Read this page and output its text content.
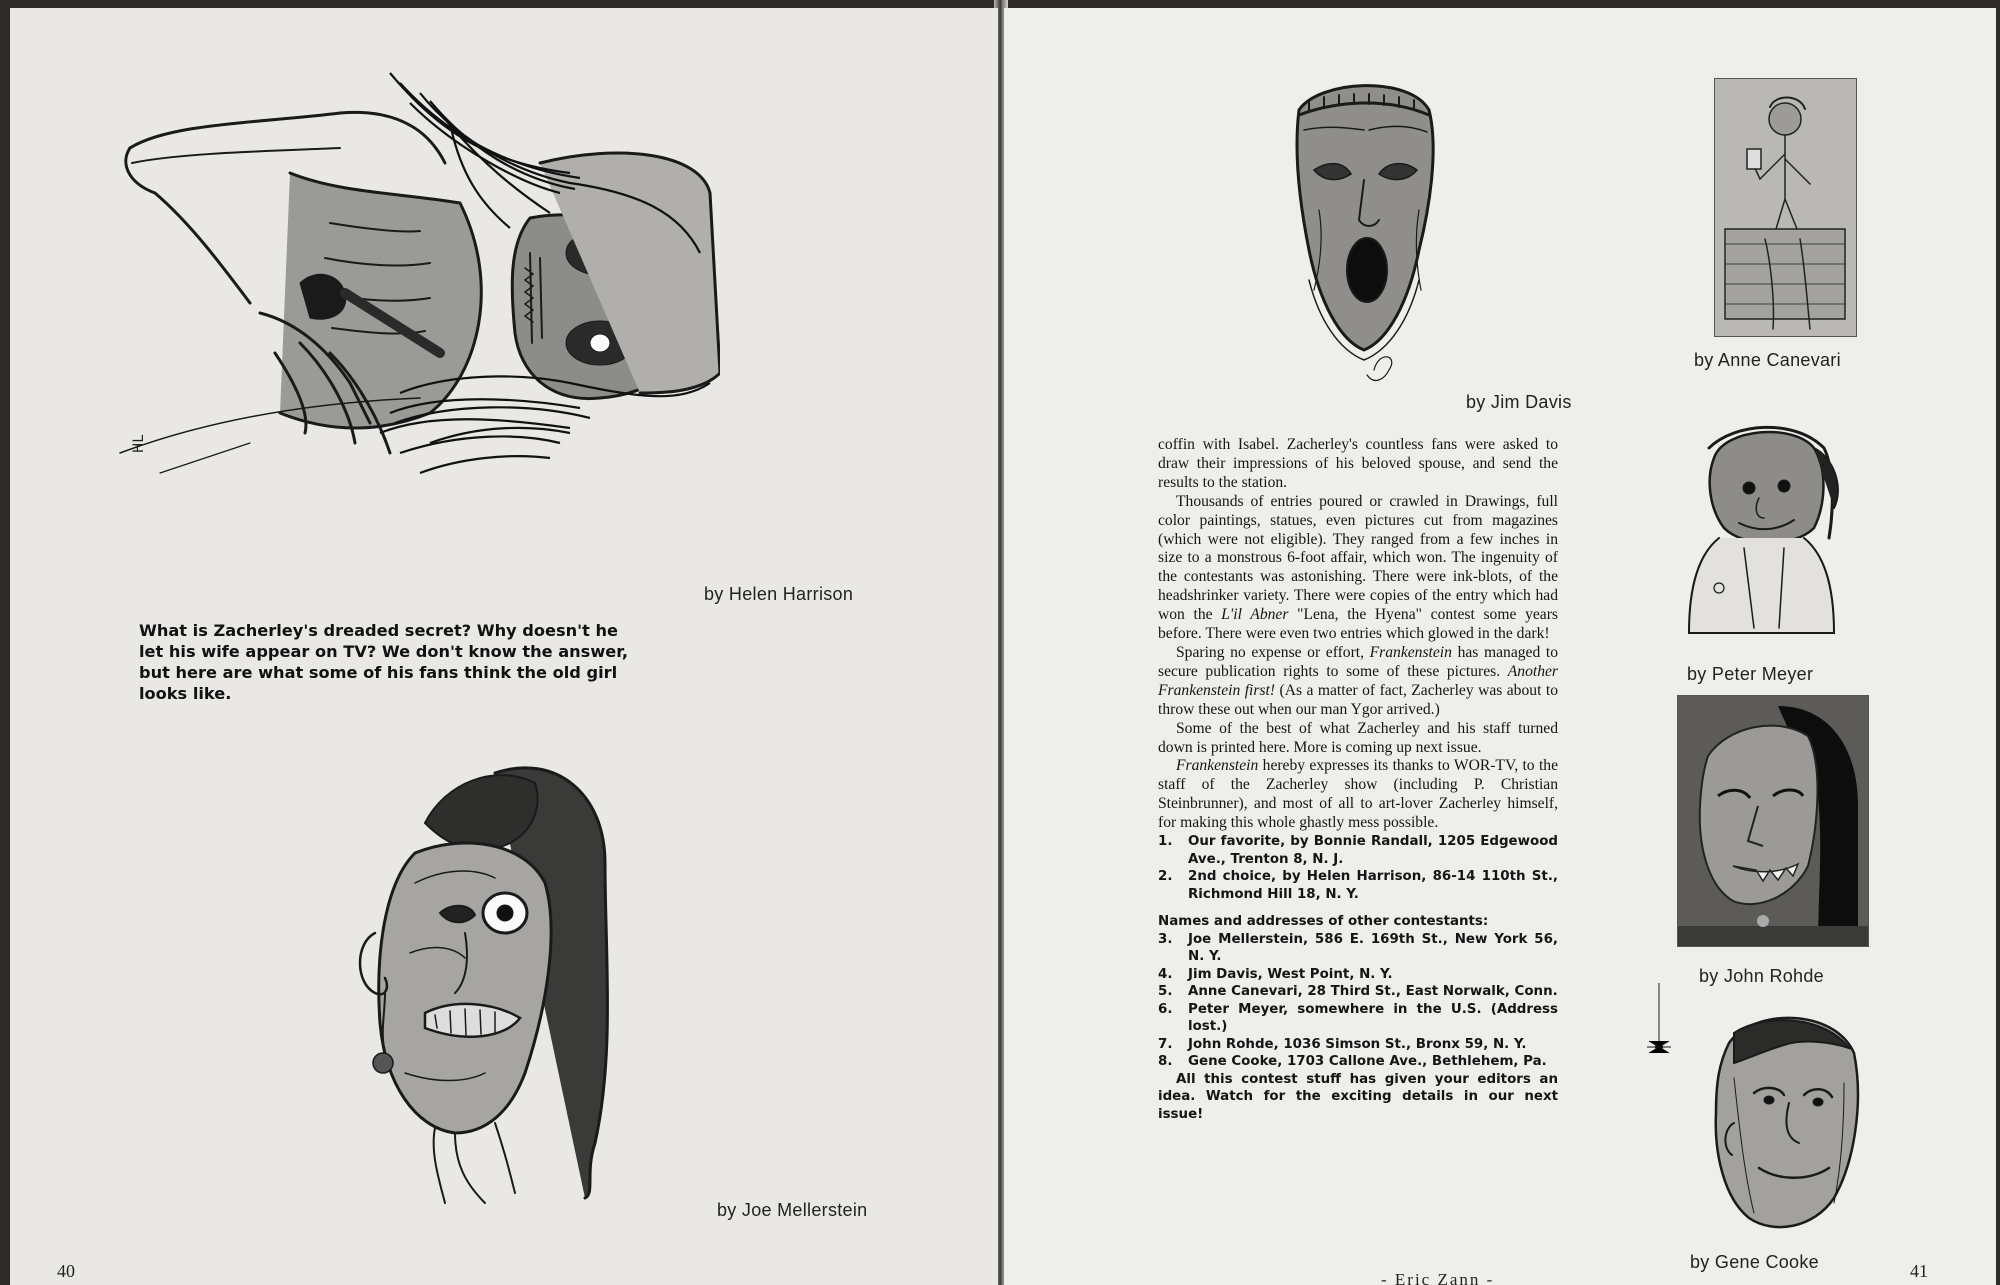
HL
by Helen Harrison
What is Zacherley's dreaded secret? Why doesn't he let his wife appear on TV? We don't know the answer, but here are what some of his fans think the old girl looks like.
by Joe Mellerstein
40
by Jim Davis
by Anne Canevari
by Peter Meyer
by John Rohde
by Gene Cooke

coffin with Isabel. Zacherley's countless fans were asked to draw their impressions of his beloved spouse, and send the results to the station.

Thousands of entries poured or crawled in Drawings, full color paintings, statues, even pictures cut from magazines (which were not eligible). They ranged from a few inches in size to a monstrous 6-foot affair, which won. The ingenuity of the contestants was astonishing. There were ink-blots, of the headshrinker variety. There were copies of the entry which had won the L'il Abner "Lena, the Hyena" contest some years before. There were even two entries which glowed in the dark!

Sparing no expense or effort, Frankenstein has managed to secure publication rights to some of these pictures. Another Frankenstein first! (As a matter of fact, Zacherley was about to throw these out when our man Ygor arrived.)

Some of the best of what Zacherley and his staff turned down is printed here. More is coming up next issue.

Frankenstein hereby expresses its thanks to WOR-TV, to the staff of the Zacherley show (including P. Christian Steinbrunner), and most of all to art-lover Zacherley himself, for making this whole ghastly mess possible.

1. Our favorite, by Bonnie Randall, 1205 Edgewood Ave., Trenton 8, N. J.
2. 2nd choice, by Helen Harrison, 86-14 110th St., Richmond Hill 18, N. Y.
Names and addresses of other contestants:
3. Joe Mellerstein, 586 E. 169th St., New York 56, N. Y.
4. Jim Davis, West Point, N. Y.
5. Anne Canevari, 28 Third St., East Norwalk, Conn.
6. Peter Meyer, somewhere in the U.S. (Address lost.)
7. John Rohde, 1036 Simson St., Bronx 59, N. Y.
8. Gene Cooke, 1703 Callone Ave., Bethlehem, Pa.

All this contest stuff has given your editors an idea. Watch for the exciting details in our next issue!

- Eric Zann -	41
